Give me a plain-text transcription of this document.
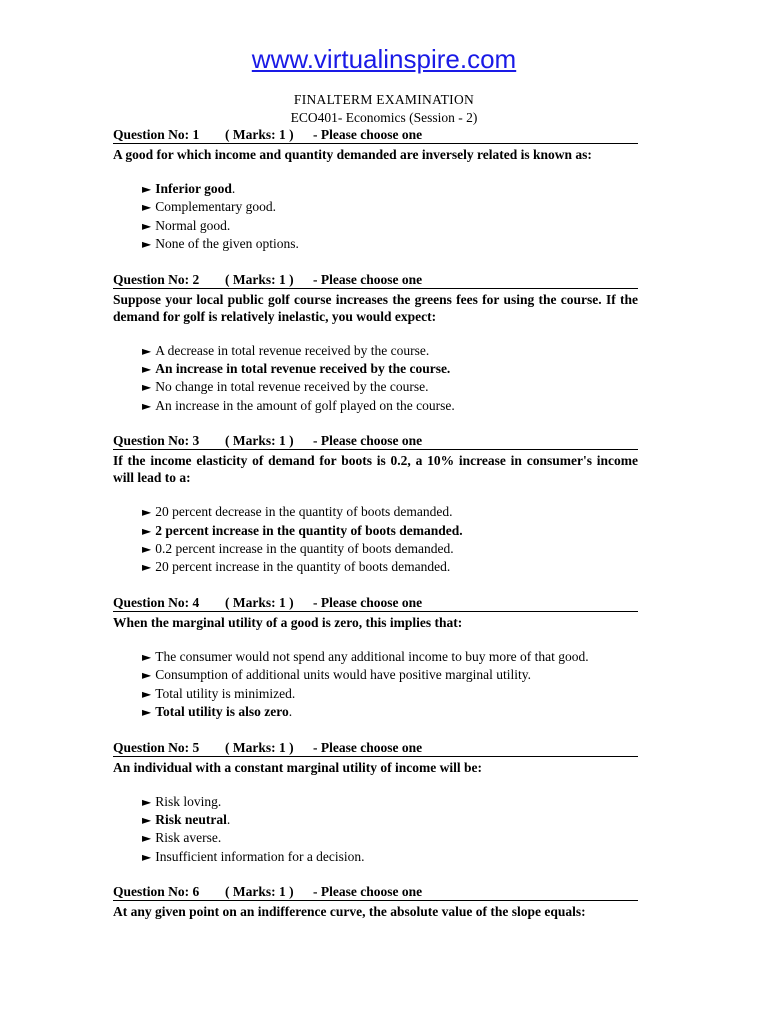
www.virtualinspire.com
FINALTERM EXAMINATION
ECO401- Economics (Session - 2)
Question No: 1 ( Marks: 1 ) - Please choose one
A good for which income and quantity demanded are inversely related is known as:
► Inferior good.
► Complementary good.
► Normal good.
► None of the given options.
Question No: 2 ( Marks: 1 ) - Please choose one
Suppose your local public golf course increases the greens fees for using the course. If the demand for golf is relatively inelastic, you would expect:
► A decrease in total revenue received by the course.
► An increase in total revenue received by the course.
► No change in total revenue received by the course.
► An increase in the amount of golf played on the course.
Question No: 3 ( Marks: 1 ) - Please choose one
If the income elasticity of demand for boots is 0.2, a 10% increase in consumer's income will lead to a:
► 20 percent decrease in the quantity of boots demanded.
► 2 percent increase in the quantity of boots demanded.
► 0.2 percent increase in the quantity of boots demanded.
► 20 percent increase in the quantity of boots demanded.
Question No: 4 ( Marks: 1 ) - Please choose one
When the marginal utility of a good is zero, this implies that:
► The consumer would not spend any additional income to buy more of that good.
► Consumption of additional units would have positive marginal utility.
► Total utility is minimized.
► Total utility is also zero.
Question No: 5 ( Marks: 1 ) - Please choose one
An individual with a constant marginal utility of income will be:
► Risk loving.
► Risk neutral.
► Risk averse.
► Insufficient information for a decision.
Question No: 6 ( Marks: 1 ) - Please choose one
At any given point on an indifference curve, the absolute value of the slope equals:
